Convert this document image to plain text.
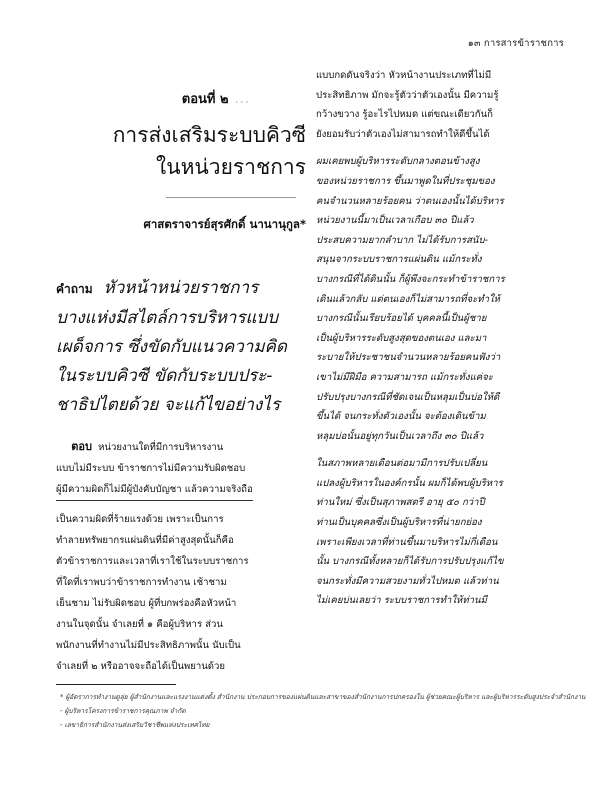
๑๓ การสารข้าราชการ
ตอนที่ ๒ ...
การส่งเสริมระบบคิวซี
ในหน่วยราชการ
ศาสตราจารย์สุรศักดิ์ นานานุกูล*
คำถาม หัวหน้าหน่วยราชการ
บางแห่งมีสไตล์การบริหารแบบ
เผด็จการ ซึ่งขัดกับแนวความคิด
ในระบบคิวซี ขัดกับระบบประ-
ชาธิปไตยด้วย จะแก้ไขอย่างไร
ตอบ หน่วยงานใดที่มีการบริหารงาน
แบบไม่มีระบบ ข้าราชการไม่มีความรับผิดชอบ
ผู้มีความผิดก็ไม่มีผู้บังคับบัญชา แล้วความจริงถือ
เป็นความผิดที่ร้ายแรงด้วย เพราะเป็นการ
ทำลายทรัพยากรแผ่นดินที่มีค่าสูงสุดนั้นก็คือ
ตัวข้าราชการและเวลาที่เราใช้ในระบบราชการ
ที่ใดที่เราพบว่าข้าราชการทำงาน เช้าชาม
เย็นชาม ไม่รับผิดชอบ ผู้ที่บกพร่องคือหัวหน้า
งานในจุดนั้น จำเลยที่ ๑ คือผู้บริหาร ส่วน
พนักงานที่ทำงานไม่มีประสิทธิภาพนั้น นับเป็น
จำเลยที่ ๒ หรืออาจจะถือได้เป็นพยานด้วย
แบบกดดันจริงว่า หัวหน้างานประเภทที่ไม่มี
ประสิทธิภาพ มักจะรู้ตัวว่าตัวเองนั้น มีความรู้
กว้างขวาง รู้อะไรไปหมด แต่ขณะเดียวกันก็
ยังยอมรับว่าตัวเองไม่สามารถทำให้ดีขึ้นได้
ผมเคยพบผู้บริหารระดับกลางตอนข้างสูง
ของหน่วยราชการ ขึ้นมาพูดในที่ประชุมของ
คนจำนวนหลายร้อยคน ว่าตนเองนั้นได้บริหาร
หน่วยงานนี้มาเป็นเวลาเกือบ ๓๐ ปีแล้ว
ประสบความยากลำบาก ไม่ได้รับการสนับ-
สนุนจากระบบราชการแผ่นดิน แม้กระทั่ง
บางกรณีที่ได้ดินนั้น ก็ผู้พึงจะกระทำข้าราชการ
เดินแล้วกลับ แต่ตนเองก็ไม่สามารถที่จะทำให้
บางกรณีนั้นเรียบร้อยได้ บุคคลนี้เป็นผู้ชาย
เป็นผู้บริหารระดับสูงสุดของตนเอง และมา
ระบายให้ประชาชนจำนวนหลายร้อยคนฟังว่า
เขาไม่มีฝีมือ ความสามารถ แม้กระทั่งแค่จะ
ปรับปรุงบางกรณีที่ชัดเจนเป็นหลุมเป็นบ่อให้ดี
ขึ้นได้ จนกระทั่งตัวเองนั้น จะต้องเดินข้าม
หลุมบ่อนั้นอยู่ทุกวันเป็นเวลาถึง ๓๐ ปีแล้ว
ในสภาพหลายเดือนต่อมามีการปรับเปลี่ยน
แปลงผู้บริหารในองค์กรนั้น ผมก็ได้พบผู้บริหาร
ท่านใหม่ ซึ่งเป็นสุภาพสตรี อายุ ๕๐ กว่าปี
ท่านเป็นบุคคลซึ่งเป็นผู้บริหารที่น่ายกย่อง
เพราะเพียงเวลาที่ท่านขึ้นมาบริหารไม่กี่เดือน
นั้น บางกรณีทั้งหลายก็ได้รับการปรับปรุงแก้ไข
จนกระทั่งมีความสวยงามทั่วไปหมด แล้วท่าน
ไม่เคยบ่นเลยว่า ระบบราชการทำให้ท่านมี
* ผู้อัตราการทำงานดูลุ่ย ผู้สำนักงานและแรงงานแต่งตั้ง สำนักงาน ประกอบการของแผ่นดินและสาขาของสำนักงานการปกครองใน ผู้ช่วยคณะผู้บริหาร และผู้บริหารระดับสูงประจำสำนักงาน
- ผู้บริหารโครงการข้าราชการคุณภาพ จำกัด
- เลขาธิการสำนักงานส่งเสริมวิชาชีพแห่งประเทศไทย
